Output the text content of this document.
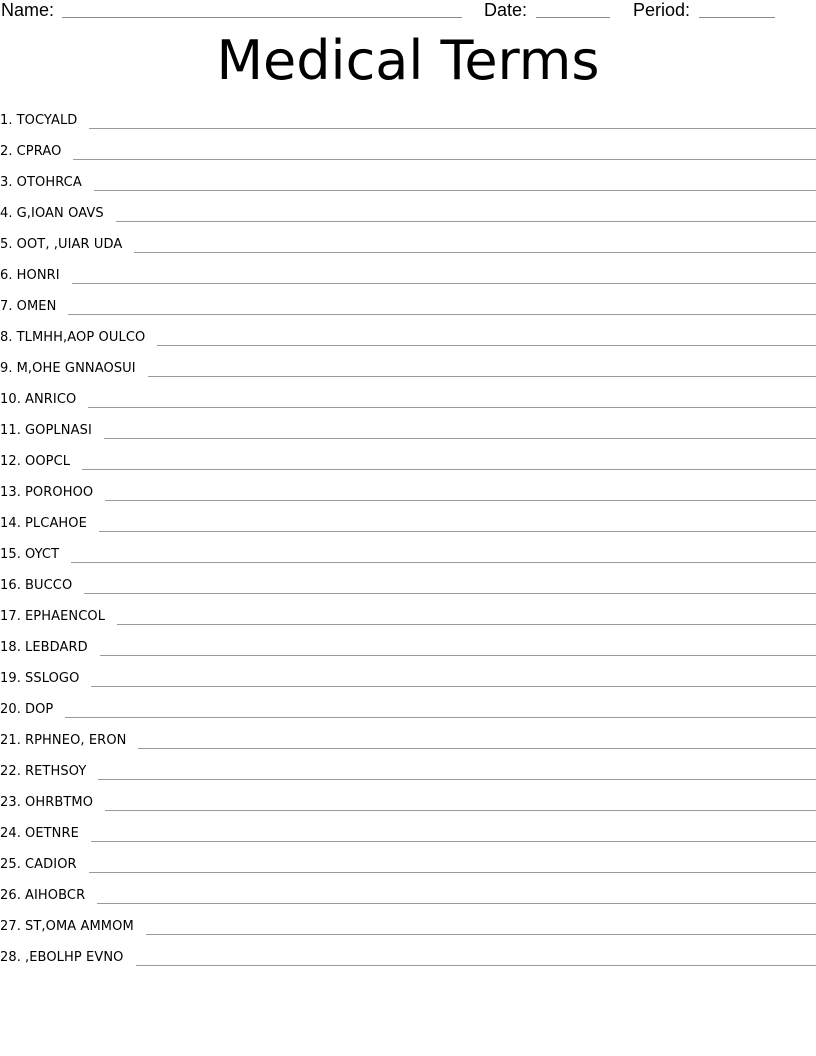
Name:	Date:	Period:
Medical Terms
1. TOCYALD
2. CPRAO
3. OTOHRCA
4. G,IOAN OAVS
5. OOT, ,UIAR UDA
6. HONRI
7. OMEN
8. TLMHH,AOP OULCO
9. M,OHE GNNAOSUI
10. ANRICO
11. GOPLNASI
12. OOPCL
13. POROHOO
14. PLCAHOE
15. OYCT
16. BUCCO
17. EPHAENCOL
18. LEBDARD
19. SSLOGO
20. DOP
21. RPHNEO, ERON
22. RETHSOY
23. OHRBTMO
24. OETNRE
25. CADIOR
26. AIHOBCR
27. ST,OMA AMMOM
28. ,EBOLHP EVNO
